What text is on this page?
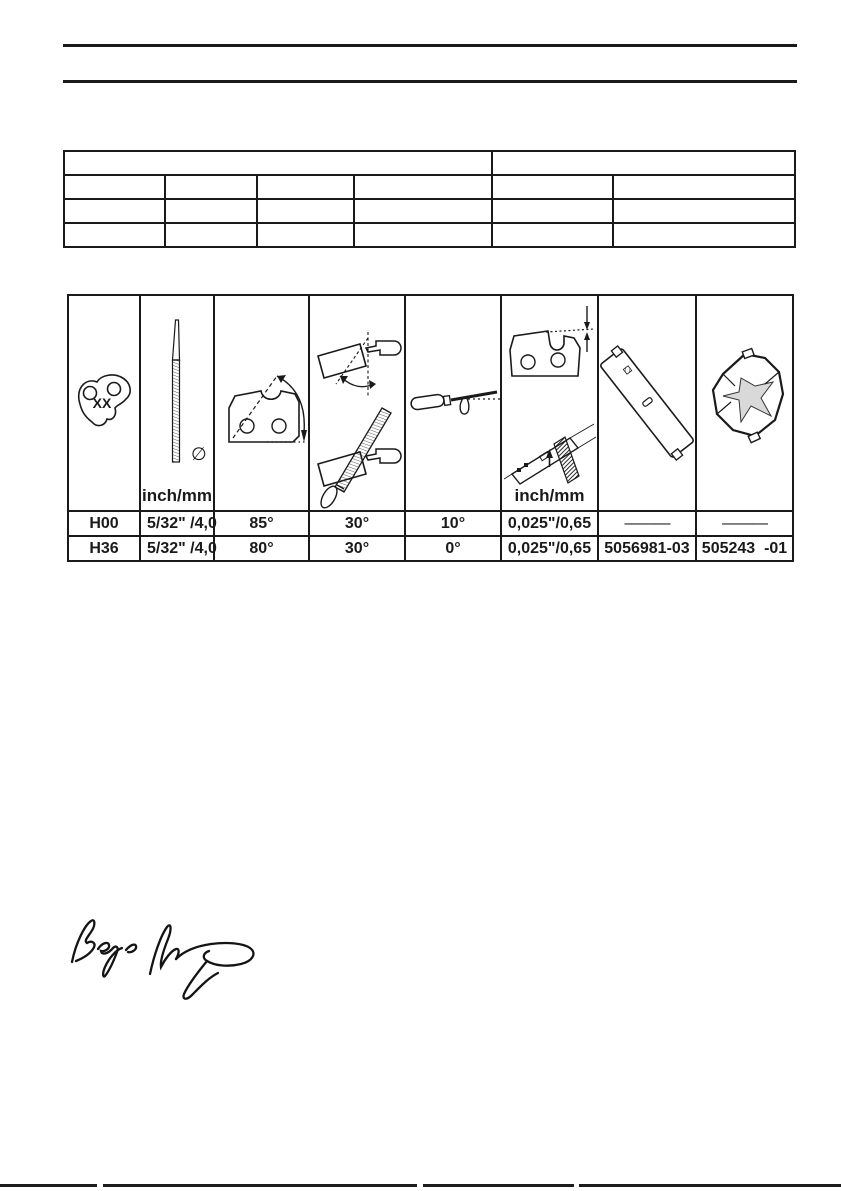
XX	∅

inch/mm				inch/mm

H00	5/32" /4,0	85°	30°	10°	0,025"/0,65	———	———
H36	5/32" /4,0	80°	30°	0°	0,025"/0,65	5056981-03	505243  -01
